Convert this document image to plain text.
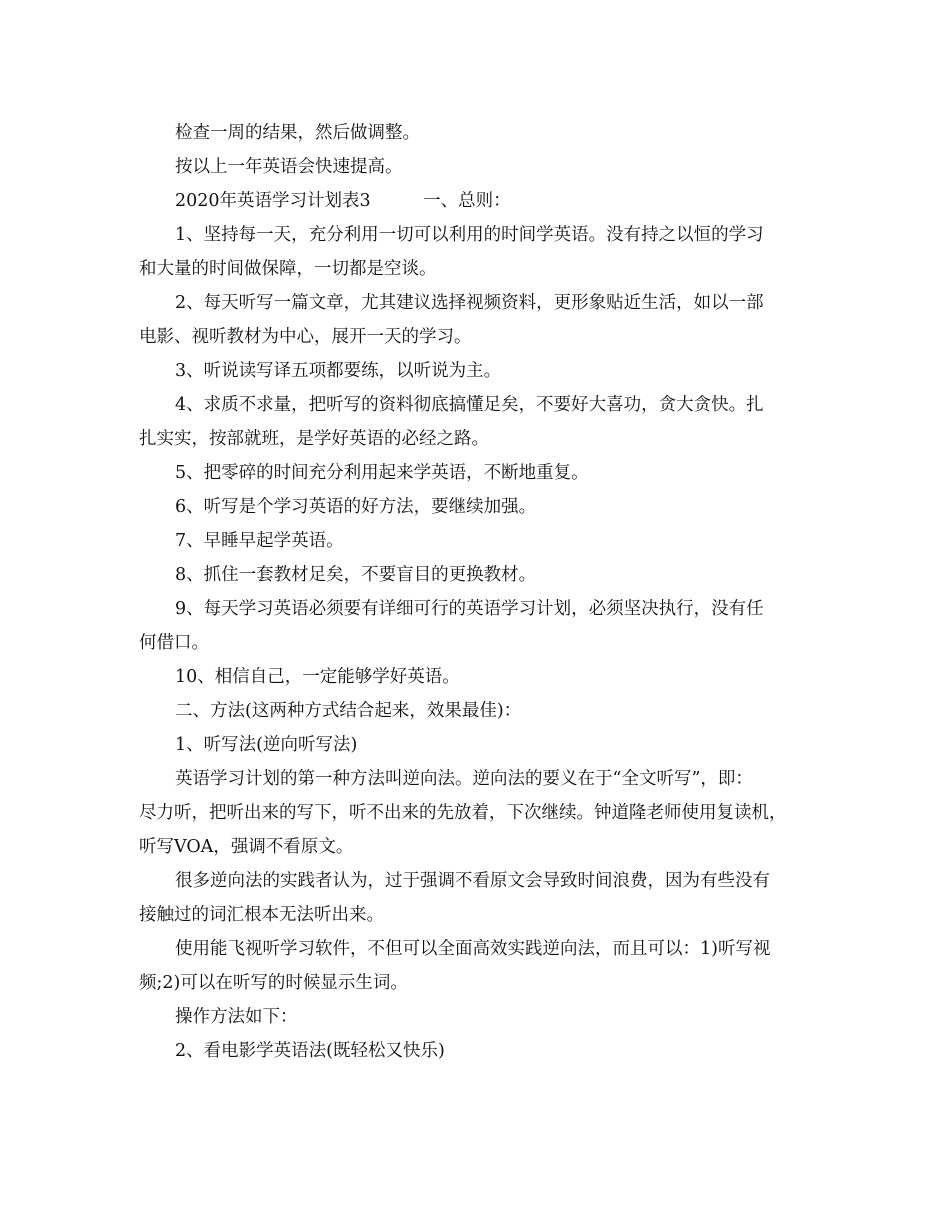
检查一周的结果，然后做调整。
按以上一年英语会快速提高。
2020年英语学习计划表3　　　一、总则：
1、坚持每一天，充分利用一切可以利用的时间学英语。没有持之以恒的学习
和大量的时间做保障，一切都是空谈。
2、每天听写一篇文章，尤其建议选择视频资料，更形象贴近生活，如以一部
电影、视听教材为中心，展开一天的学习。
3、听说读写译五项都要练，以听说为主。
4、求质不求量，把听写的资料彻底搞懂足矣，不要好大喜功，贪大贪快。扎
扎实实，按部就班，是学好英语的必经之路。
5、把零碎的时间充分利用起来学英语，不断地重复。
6、听写是个学习英语的好方法，要继续加强。
7、早睡早起学英语。
8、抓住一套教材足矣，不要盲目的更换教材。
9、每天学习英语必须要有详细可行的英语学习计划，必须坚决执行，没有任
何借口。
10、相信自己，一定能够学好英语。
二、方法(这两种方式结合起来，效果最佳)：
1、听写法(逆向听写法)
英语学习计划的第一种方法叫逆向法。逆向法的要义在于“全文听写”，即：
尽力听，把听出来的写下，听不出来的先放着，下次继续。钟道隆老师使用复读机，
听写VOA，强调不看原文。
很多逆向法的实践者认为，过于强调不看原文会导致时间浪费，因为有些没有
接触过的词汇根本无法听出来。
使用能飞视听学习软件，不但可以全面高效实践逆向法，而且可以：1)听写视
频;2)可以在听写的时候显示生词。
操作方法如下：
2、看电影学英语法(既轻松又快乐)
